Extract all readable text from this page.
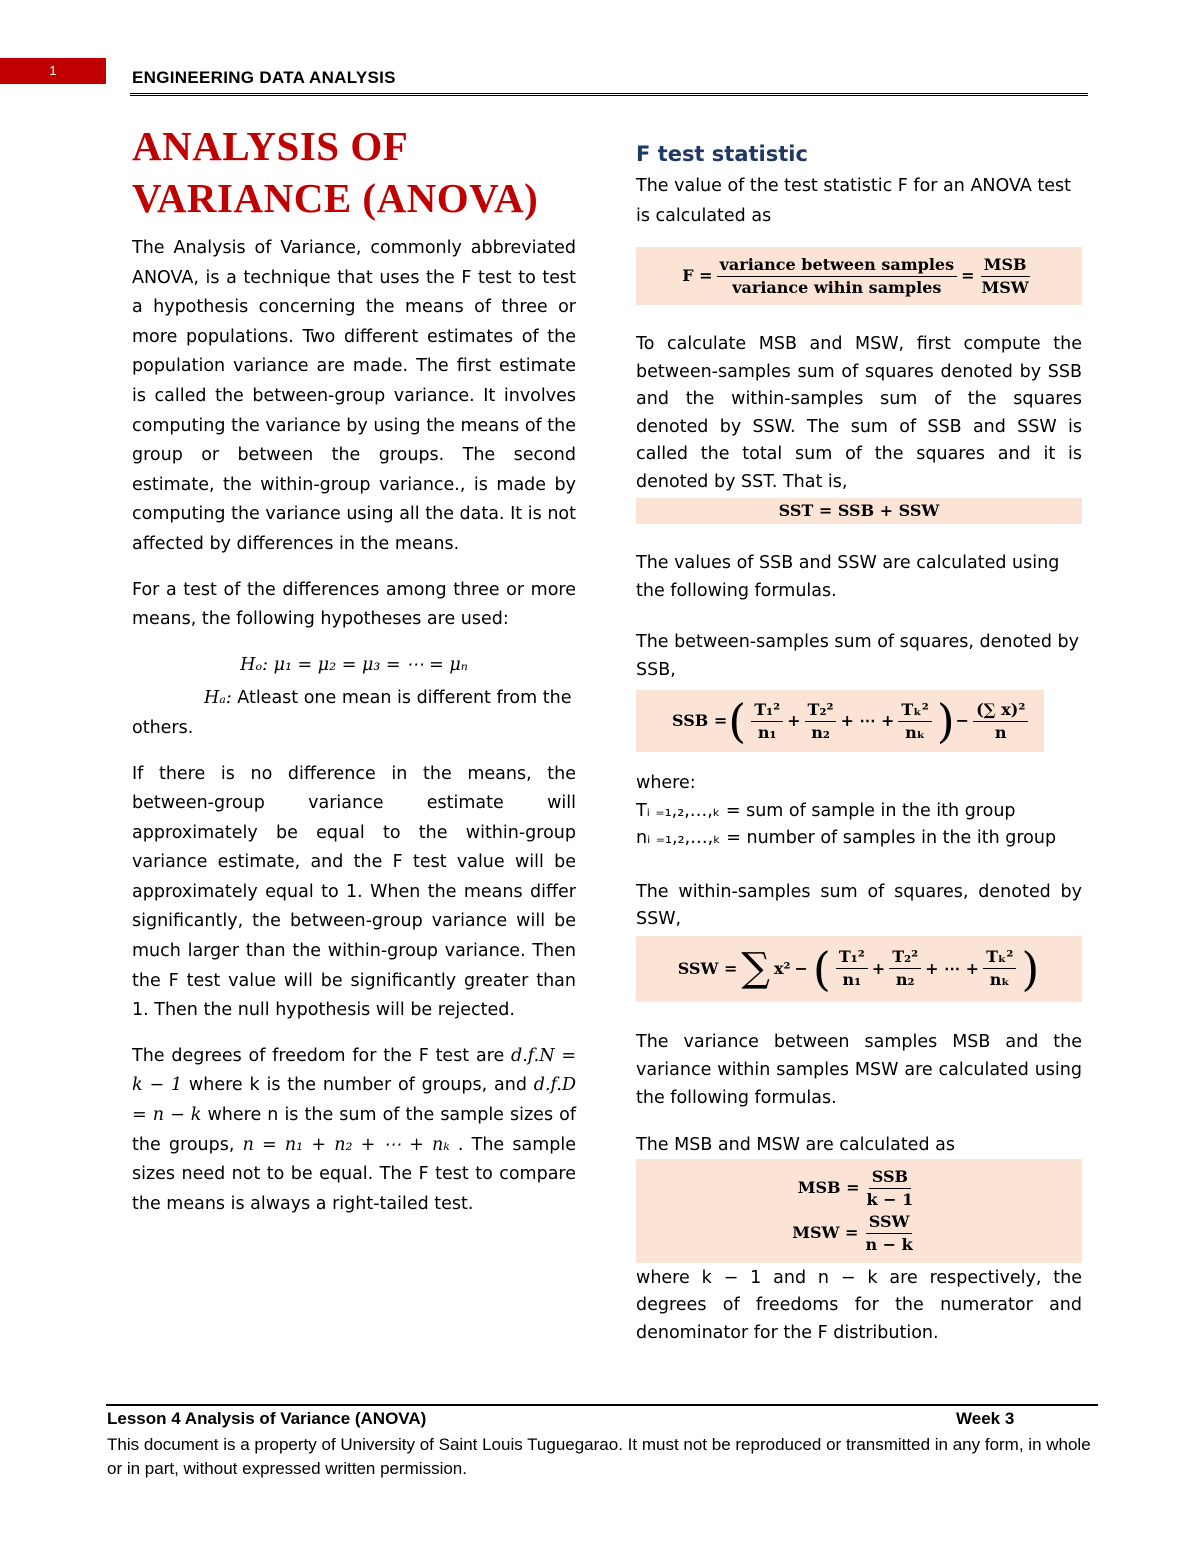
1	ENGINEERING DATA ANALYSIS
ANALYSIS OF
VARIANCE (ANOVA)

The Analysis of Variance, commonly abbreviated ANOVA, is a technique that uses the F test to test a hypothesis concerning the means of three or more populations. Two different estimates of the population variance are made. The first estimate is called the between-group variance. It involves computing the variance by using the means of the group or between the groups. The second estimate, the within-group variance., is made by computing the variance using all the data. It is not affected by differences in the means.

For a test of the differences among three or more means, the following hypotheses are used:

Hₒ: μ₁ = μ₂ = μ₃ = ⋯ = μₙ

Hₐ: Atleast one mean is different from the others.

If there is no difference in the means, the between-group variance estimate will approximately be equal to the within-group variance estimate, and the F test value will be approximately equal to 1. When the means differ significantly, the between-group variance will be much larger than the within-group variance. Then the F test value will be significantly greater than 1. Then the null hypothesis will be rejected.

The degrees of freedom for the F test are d.f.N = k − 1 where k is the number of groups, and d.f.D = n − k where n is the sum of the sample sizes of the groups, n = n₁ + n₂ + ⋯ + nₖ . The sample sizes need not to be equal. The F test to compare the means is always a right-tailed test.

F test statistic

The value of the test statistic F for an ANOVA test is calculated as

$F = \frac{\text{variance between samples}}{\text{variance wihin samples}} = \frac{\text{MSB}}{\text{MSW}}$

To calculate MSB and MSW, first compute the between-samples sum of squares denoted by SSB and the within-samples sum of the squares denoted by SSW. The sum of SSB and SSW is called the total sum of the squares and it is denoted by SST. That is,

SST = SSB + SSW

The values of SSB and SSW are calculated using the following formulas.

The between-samples sum of squares, denoted by SSB,

SSB = ( $\frac{\text{T₁²}}{\text{n₁}} + \frac{\text{T₂²}}{\text{n₂}}$ + ⋯ + $\frac{\text{Tₖ²}}{\text{nₖ}}$ ) − $\frac{\text{(∑ x)²}}{n}$

where:

Tᵢ ₌₁,₂,…,ₖ = sum of sample in the ith group

nᵢ ₌₁,₂,…,ₖ = number of samples in the ith group

The within-samples sum of squares, denoted by SSW,

SSW = ∑ x² − ( $\frac{\text{T₁²}}{\text{n₁}} + \frac{\text{T₂²}}{\text{n₂}}$ + ⋯ + $\frac{\text{Tₖ²}}{\text{nₖ}}$ )

The variance between samples MSB and the variance within samples MSW are calculated using the following formulas.

The MSB and MSW are calculated as

MSB = $\frac{\text{SSB}}{k - 1}$
MSW = $\frac{\text{SSW}}{n - k}$

where k − 1 and n − k are respectively, the degrees of freedoms for the numerator and denominator for the F distribution.

Lesson 4 Analysis of Variance (ANOVA)	Week 3
This document is a property of University of Saint Louis Tuguegarao. It must not be reproduced or transmitted in any form, in whole or in part, without expressed written permission.
